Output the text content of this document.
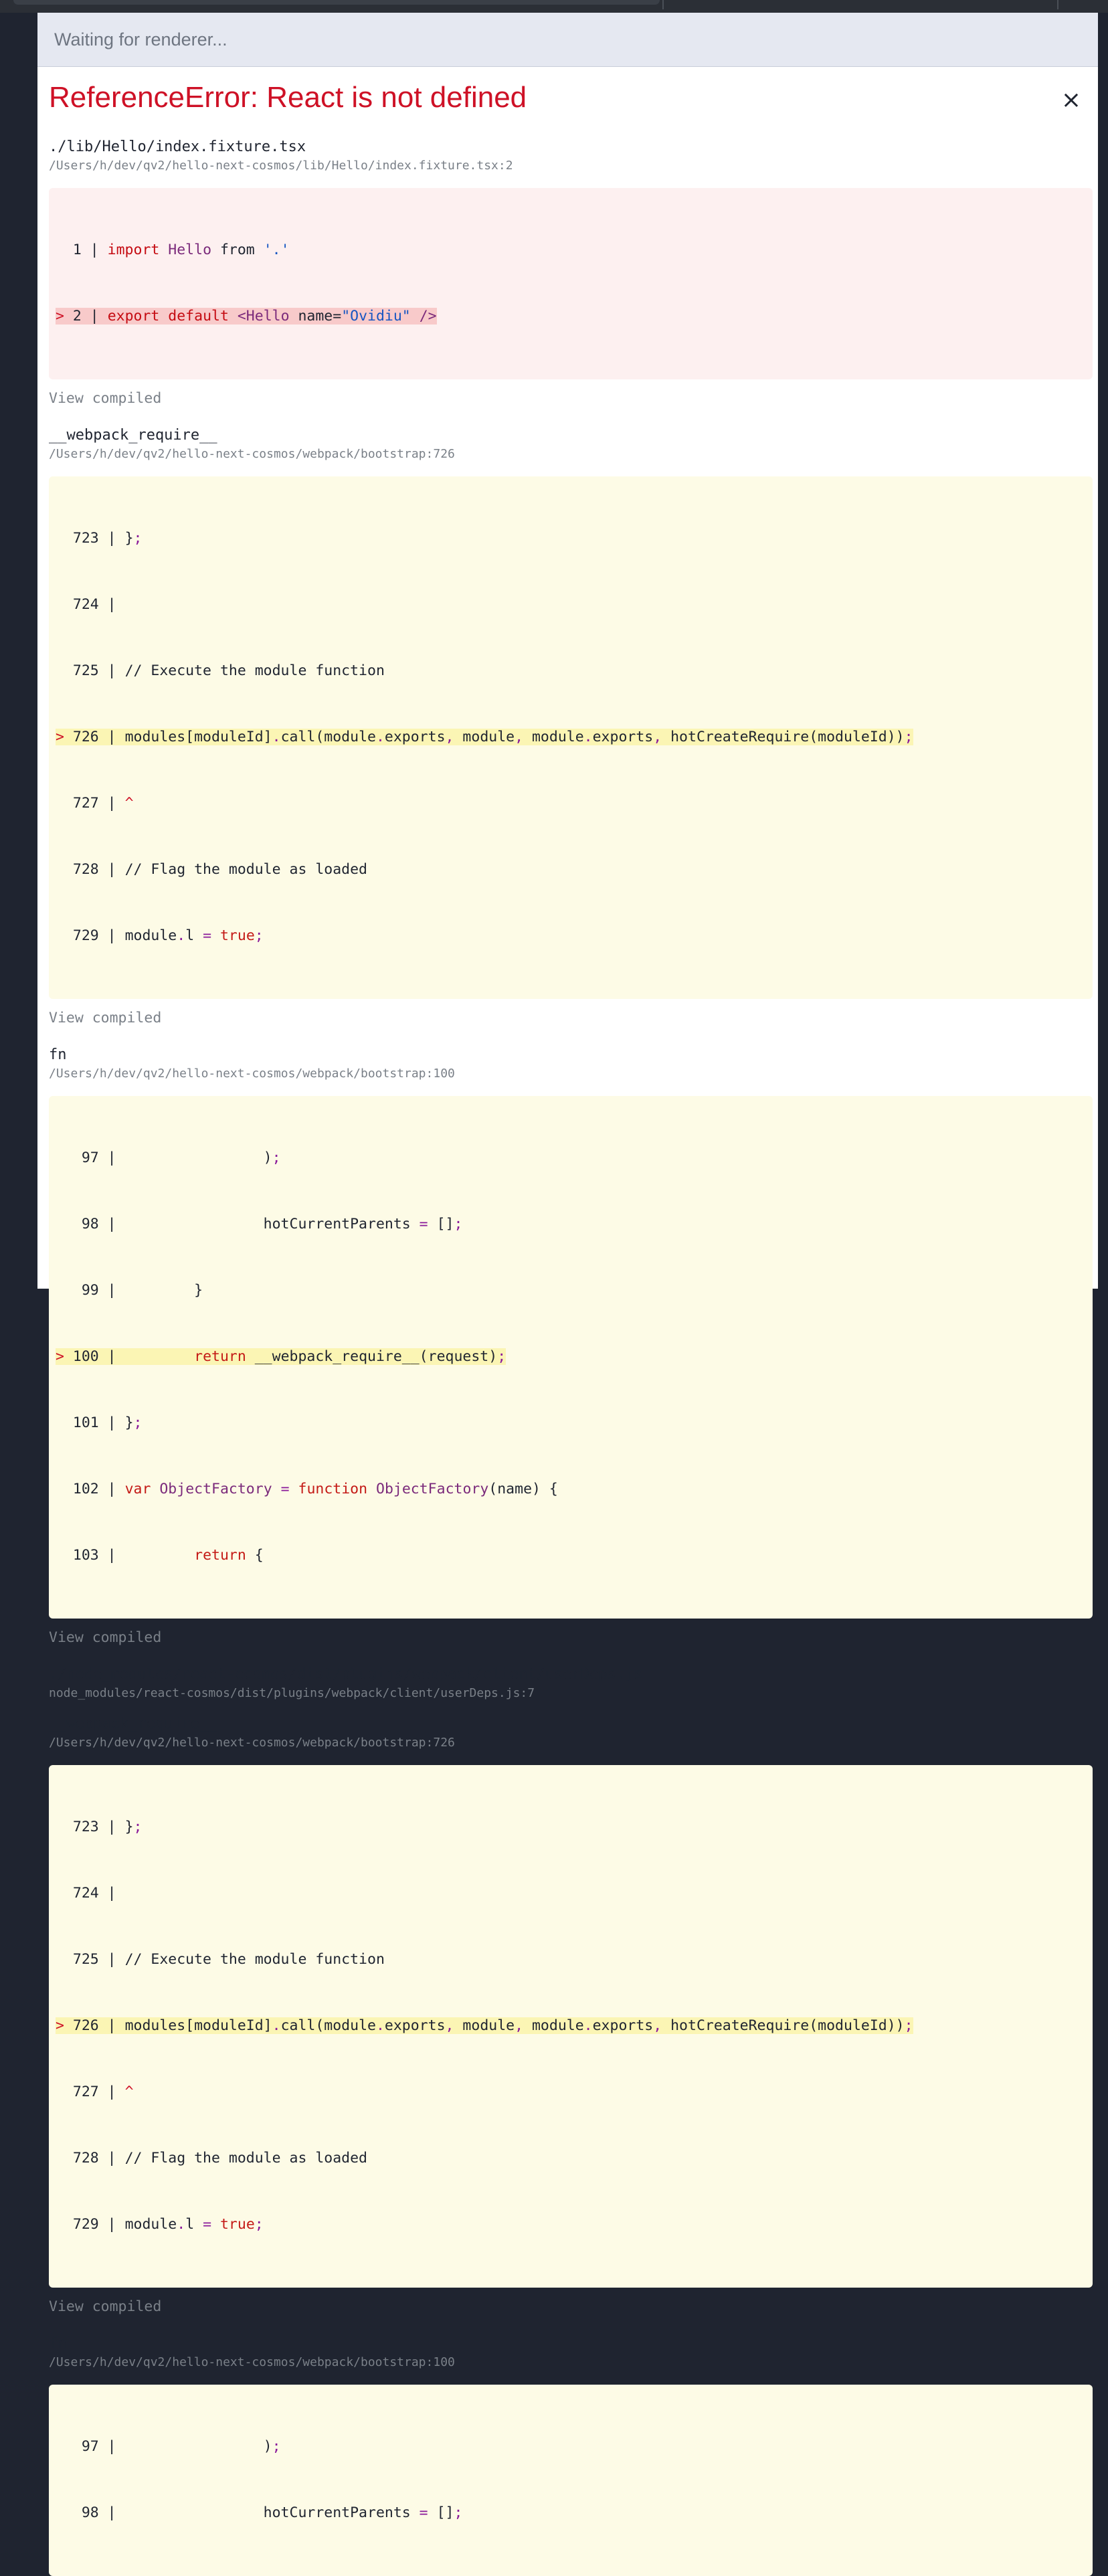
Waiting for renderer...
ReferenceError: React is not defined	×
./lib/Hello/index.fixture.tsx
/Users/h/dev/qv2/hello-next-cosmos/lib/Hello/index.fixture.tsx:2

1 | import Hello from '.'

> 2 | export default <Hello name="Ovidiu" />

View compiled
__webpack_require__
/Users/h/dev/qv2/hello-next-cosmos/webpack/bootstrap:726

723 | };

724 |

725 | // Execute the module function

> 726 | modules[moduleId].call(module.exports, module, module.exports, hotCreateRequire(moduleId));

727 | ^

728 | // Flag the module as loaded

729 | module.l = true;

View compiled
fn
/Users/h/dev/qv2/hello-next-cosmos/webpack/bootstrap:100

97 |                 );

98 |                 hotCurrentParents = [];

99 |         }

> 100 |	return __webpack_require__(request);

101 | };

102 | var ObjectFactory = function ObjectFactory(name) {

103 |	return {

View compiled
./node_modules/react-cosmos/dist/plugins/webpack/client/userDeps.js
node_modules/react-cosmos/dist/plugins/webpack/client/userDeps.js:7
__webpack_require__
/Users/h/dev/qv2/hello-next-cosmos/webpack/bootstrap:726

723 | };

724 |

725 | // Execute the module function

> 726 | modules[moduleId].call(module.exports, module, module.exports, hotCreateRequire(moduleId));

727 | ^

728 | // Flag the module as loaded

729 | module.l = true;

View compiled
fn
/Users/h/dev/qv2/hello-next-cosmos/webpack/bootstrap:100

97 |                 );

98 |                 hotCurrentParents = [];
